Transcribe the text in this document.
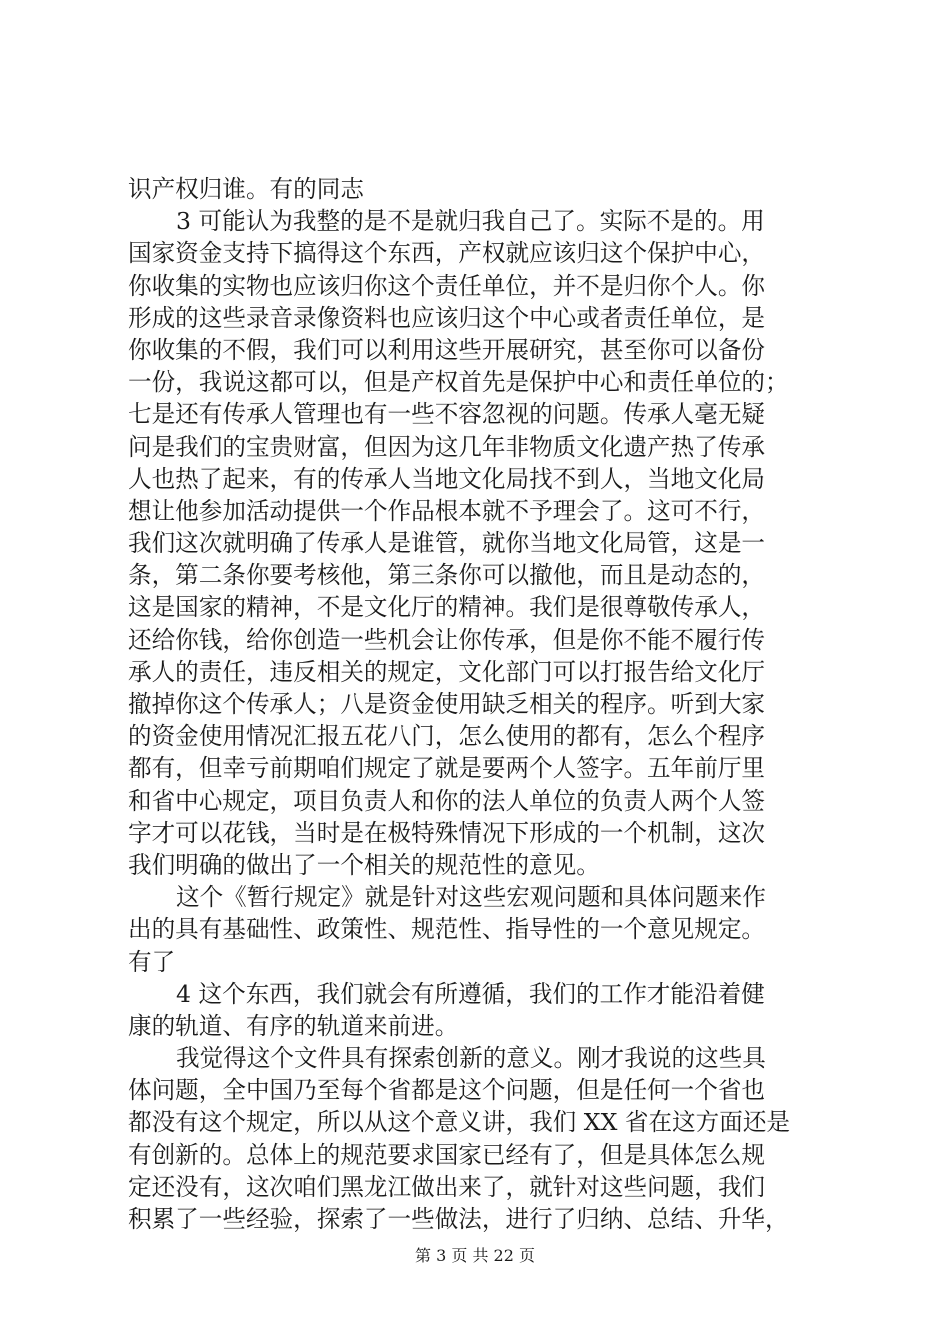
识产权归谁。有的同志
3 可能认为我整的是不是就归我自己了。实际不是的。用
国家资金支持下搞得这个东西，产权就应该归这个保护中心，
你收集的实物也应该归你这个责任单位，并不是归你个人。你
形成的这些录音录像资料也应该归这个中心或者责任单位，是
你收集的不假，我们可以利用这些开展研究，甚至你可以备份
一份，我说这都可以，但是产权首先是保护中心和责任单位的；
七是还有传承人管理也有一些不容忽视的问题。传承人毫无疑
问是我们的宝贵财富，但因为这几年非物质文化遗产热了传承
人也热了起来，有的传承人当地文化局找不到人，当地文化局
想让他参加活动提供一个作品根本就不予理会了。这可不行，
我们这次就明确了传承人是谁管，就你当地文化局管，这是一
条，第二条你要考核他，第三条你可以撤他，而且是动态的，
这是国家的精神，不是文化厅的精神。我们是很尊敬传承人，
还给你钱，给你创造一些机会让你传承，但是你不能不履行传
承人的责任，违反相关的规定，文化部门可以打报告给文化厅
撤掉你这个传承人；八是资金使用缺乏相关的程序。听到大家
的资金使用情况汇报五花八门，怎么使用的都有，怎么个程序
都有，但幸亏前期咱们规定了就是要两个人签字。五年前厅里
和省中心规定，项目负责人和你的法人单位的负责人两个人签
字才可以花钱，当时是在极特殊情况下形成的一个机制，这次
我们明确的做出了一个相关的规范性的意见。
这个《暂行规定》就是针对这些宏观问题和具体问题来作
出的具有基础性、政策性、规范性、指导性的一个意见规定。
有了
4 这个东西，我们就会有所遵循，我们的工作才能沿着健
康的轨道、有序的轨道来前进。
我觉得这个文件具有探索创新的意义。刚才我说的这些具
体问题，全中国乃至每个省都是这个问题，但是任何一个省也
都没有这个规定，所以从这个意义讲，我们 XX 省在这方面还是
有创新的。总体上的规范要求国家已经有了，但是具体怎么规
定还没有，这次咱们黑龙江做出来了，就针对这些问题，我们
积累了一些经验，探索了一些做法，进行了归纳、总结、升华，
第 3 页 共 22 页
